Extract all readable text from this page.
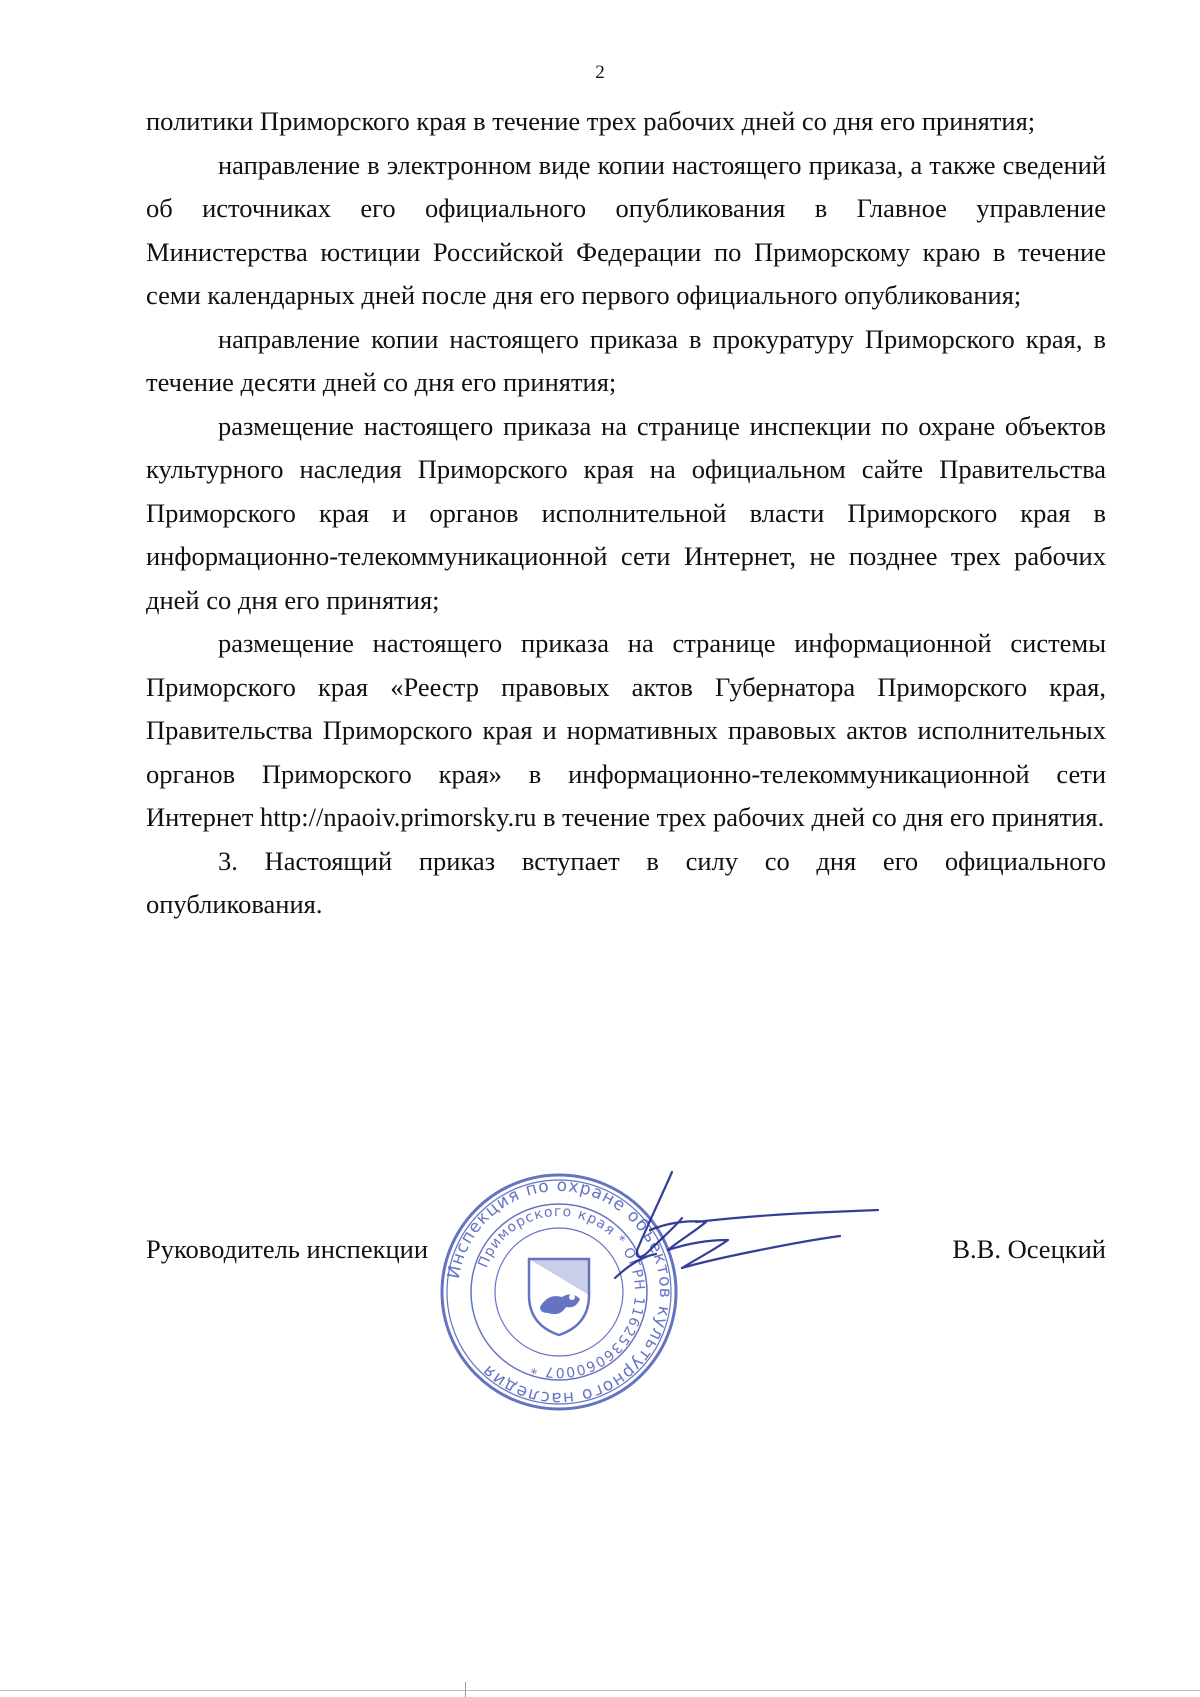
2

политики Приморского края в течение трех рабочих дней со дня его принятия;

направление в электронном виде копии настоящего приказа, а также сведений об источниках его официального опубликования в Главное управление Министерства юстиции Российской Федерации по Приморскому краю в течение семи календарных дней после дня его первого официального опубликования;

направление копии настоящего приказа в прокуратуру Приморского края, в течение десяти дней со дня его принятия;

размещение настоящего приказа на странице инспекции по охране объектов культурного наследия Приморского края на официальном сайте Правительства Приморского края и органов исполнительной власти Приморского края в информационно-телекоммуникационной сети Интернет, не позднее трех рабочих дней со дня его принятия;

размещение настоящего приказа на странице информационной системы Приморского края «Реестр правовых актов Губернатора Приморского края, Правительства Приморского края и нормативных правовых актов исполнительных органов Приморского края» в информационно-телекоммуникационной сети Интернет http://npaoiv.primorsky.ru в течение трех рабочих дней со дня его принятия.

3. Настоящий приказ вступает в силу со дня его официального опубликования.

Руководитель инспекции	В.В. Осецкий
Инспекция по охране объектов культурного наследия
Приморского края * ОГРН 1162536060007 *
